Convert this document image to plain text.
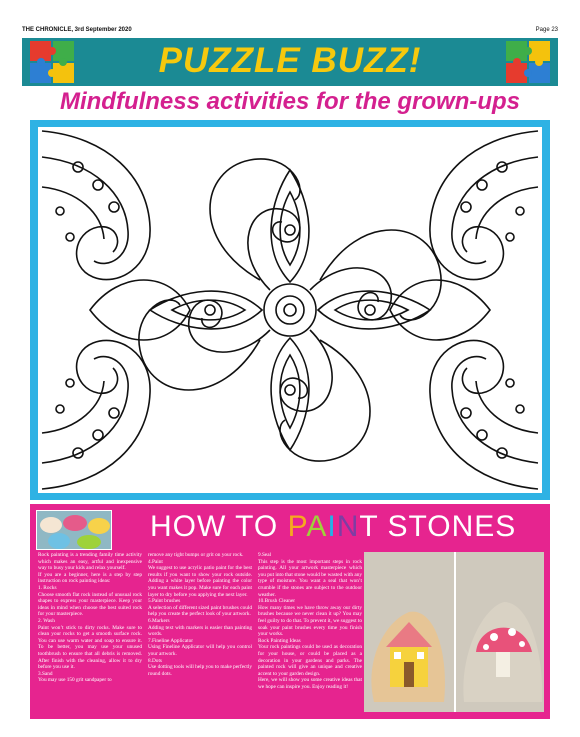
THE CHRONICLE, 3rd September 2020	Page 23
PUZZLE BUZZ!
Mindfulness activities for the grown-ups
HOW TO PAINT STONES

Rock painting is a trending family time activity which makes an easy, artful and inexpensive way to busy your kids and relax yourself.

If you are a beginner, here is a step by step instruction on rock painting ideas:

1. Rocks

Choose smooth flat rock instead of unusual rock shapes to express your masterpiece. Keep your ideas in mind when choose the best suited rock for your masterpiece.

2. Wash

Paint won’t stick to dirty rocks. Make sure to clean your rocks to get a smooth surface rock. You can use warm water and soap to ensure it. To be better, you may use your unused toothbrush to ensure that all debris is removed. After finish with the cleaning, allow it to dry before you use it.

3.Sand

You may use 150 grit sandpaper to

remove any tight bumps or grit on your rock.

4.Paint

We suggest to use acrylic patio paint for the best results if you want to show your rock outside. Adding a white layer before painting the color you want makes it pop. Make sure for each paint layer to dry before you applying the next layer.

5.Paint brushes

A selection of different sized paint brushes could help you create the perfect look of your artwork.

6.Markers

Adding text with markers is easier than painting words.

7.Fineline Applicator

Using Fineline Applicator will help you control your artwork.

8.Dots

Use dotting tools will help you to make perfectly round dots.

9.Seal

This step is the most important steps in rock painting. All your artwork masterpiece which you put into that stone would be wasted with any type of moisture. You want a seal that won’t crumble if the stones are subject to the outdoor weather.

10.Brush Cleaner

How many times we have throw away our dirty brushes because we never clean it up? You may feel guilty to do that. To prevent it, we suggest to soak your paint brushes every time you finish your works.

Rock Painting Ideas

Your rock paintings could be used as decoration for your house, or could be placed as a decoration in your gardens and parks. The painted rock will give an unique and creative accent to your garden design.

Here, we will show you some creative ideas that we hope can inspire you. Enjoy reading it!
